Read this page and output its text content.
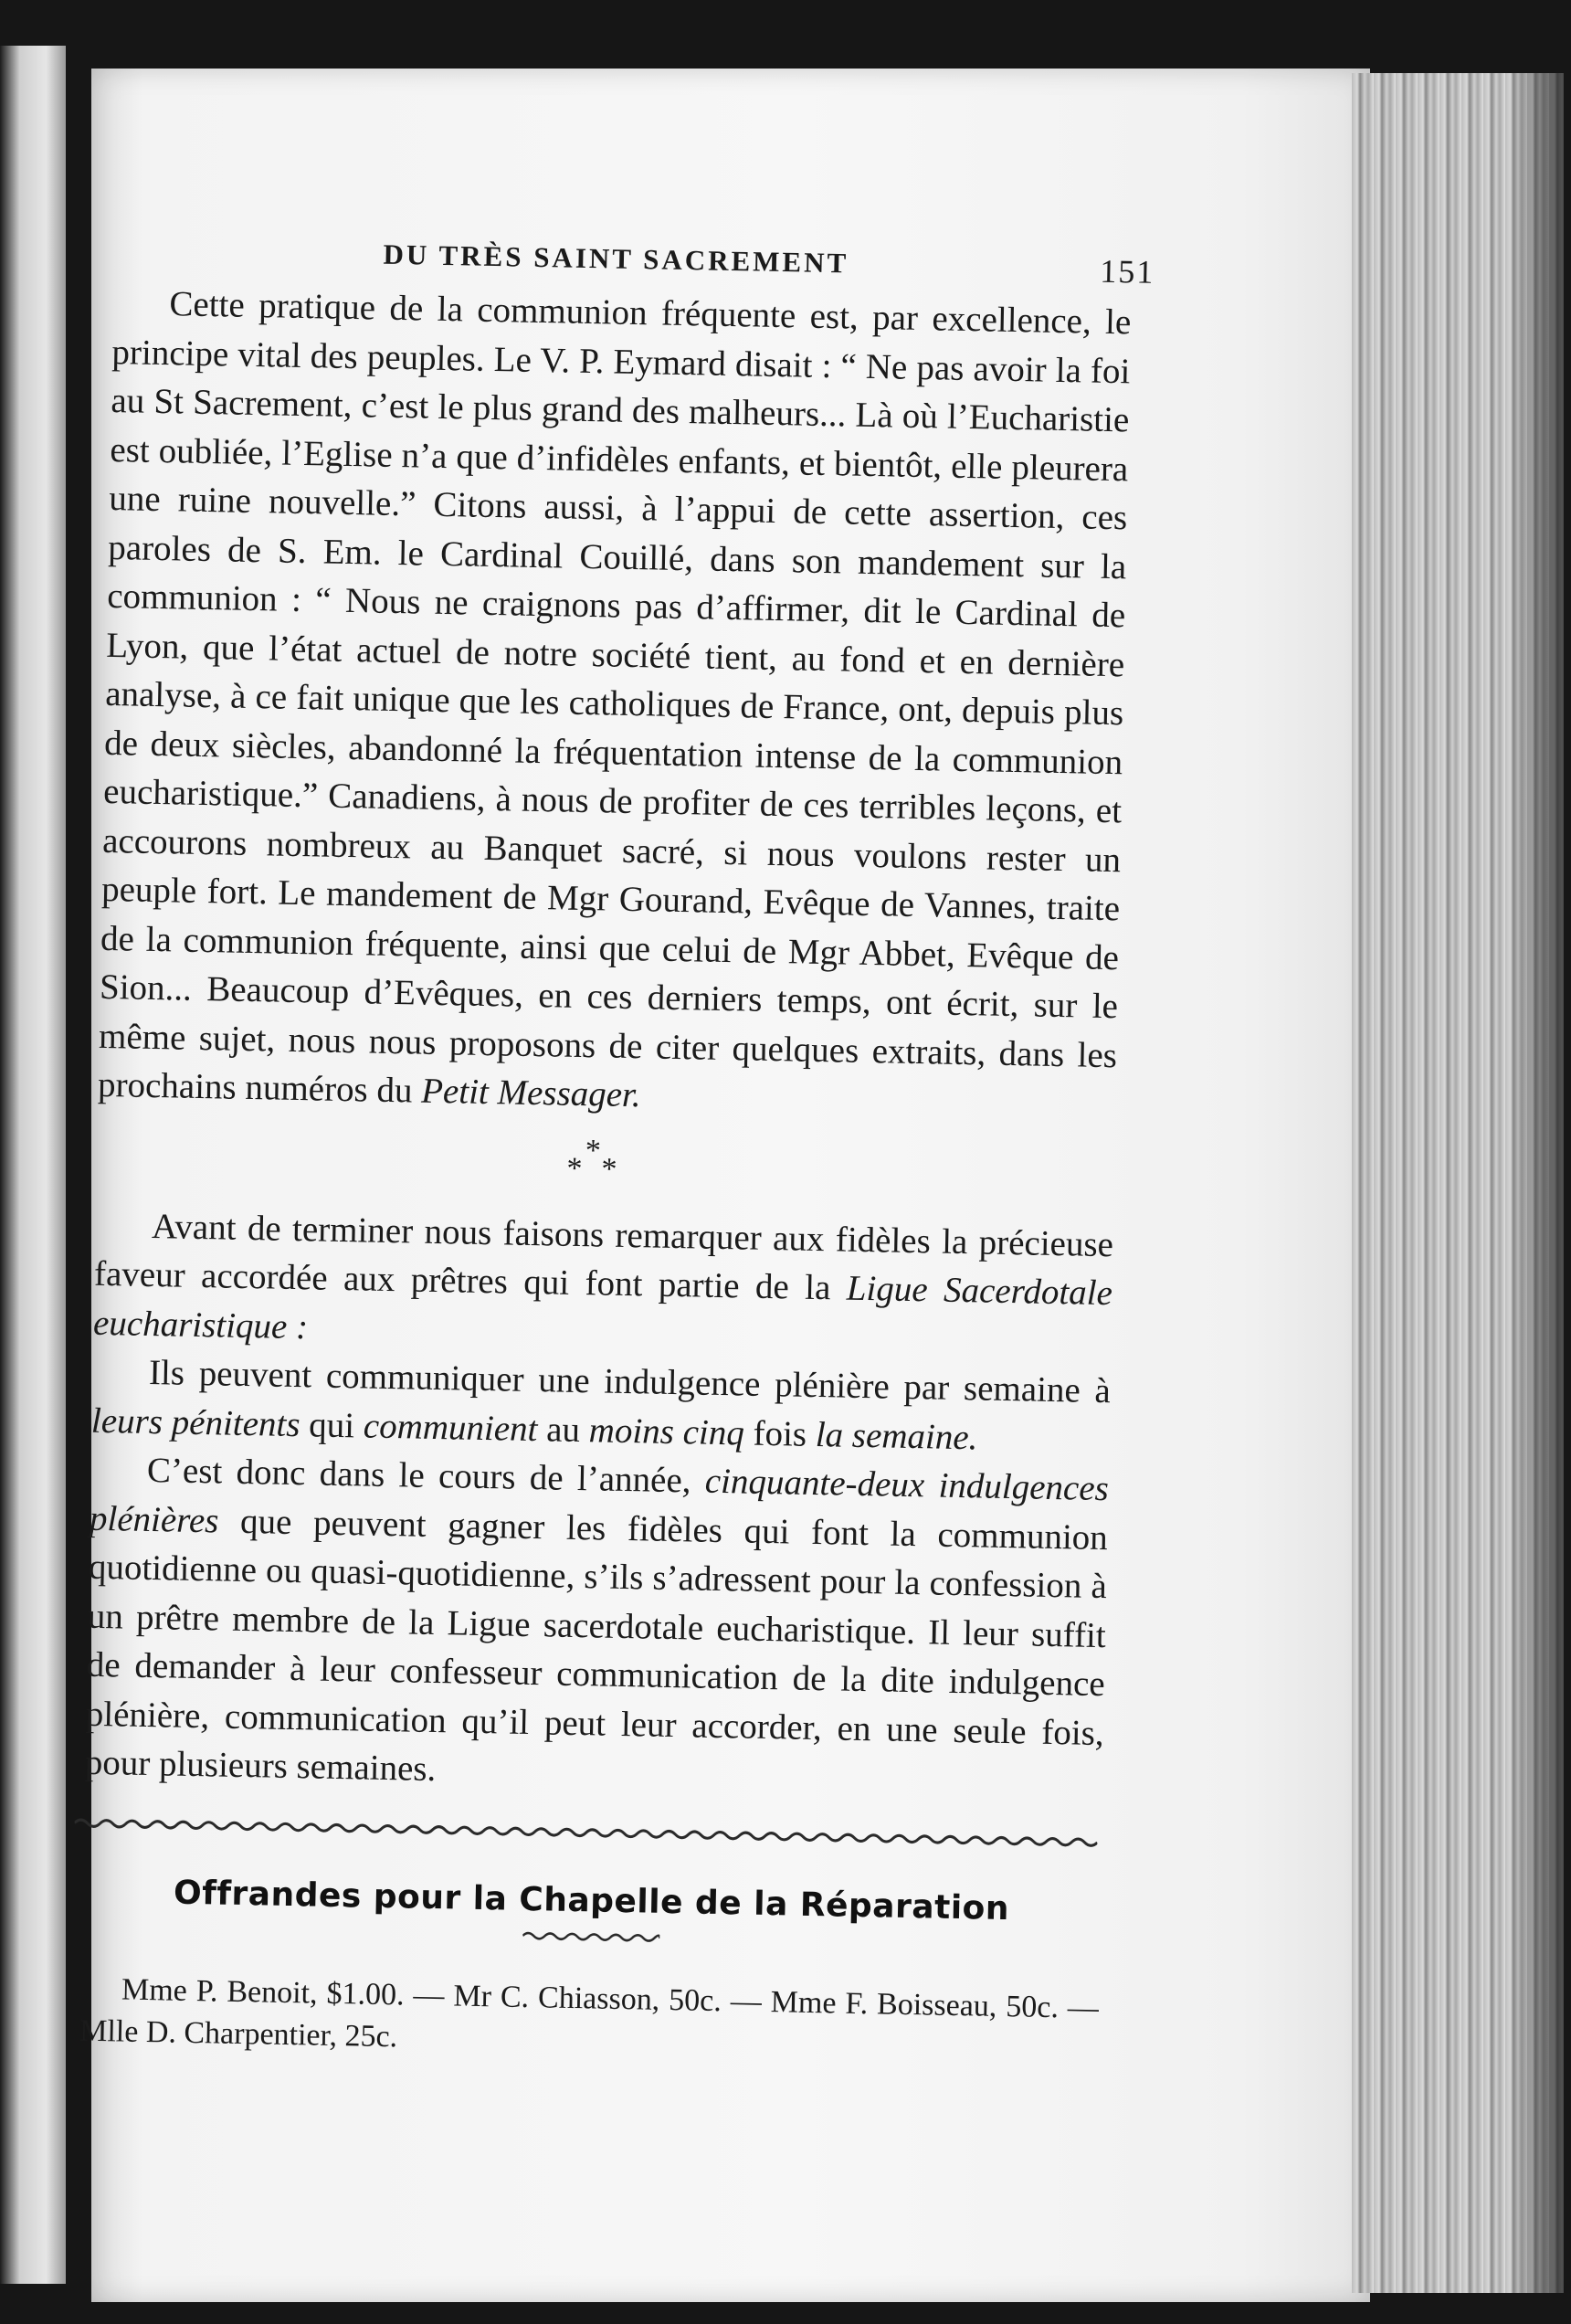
DU TRÈS SAINT SACREMENT	151

Cette pratique de la communion fréquente est, par excellence, le principe vital des peuples. Le V. P. Eymard disait : “ Ne pas avoir la foi au St Sacrement, c’est le plus grand des malheurs... Là où l’Eucharistie est oubliée, l’Eglise n’a que d’infidèles enfants, et bientôt, elle pleurera une ruine nouvelle.” Citons aussi, à l’appui de cette assertion, ces paroles de S. Em. le Cardinal Couillé, dans son mandement sur la communion : “ Nous ne craignons pas d’affirmer, dit le Cardinal de Lyon, que l’état actuel de notre société tient, au fond et en dernière analyse, à ce fait unique que les catholiques de France, ont, depuis plus de deux siècles, abandonné la fréquentation intense de la communion eucharistique.” Canadiens, à nous de profiter de ces terribles leçons, et accourons nombreux au Banquet sacré, si nous voulons rester un peuple fort. Le mandement de Mgr Gourand, Evêque de Vannes, traite de la communion fréquente, ainsi que celui de Mgr Abbet, Evêque de Sion... Beaucoup d’Evêques, en ces derniers temps, ont écrit, sur le même sujet, nous nous proposons de citer quelques extraits, dans les prochains numéros du Petit Messager.

*
* *

Avant de terminer nous faisons remarquer aux fidèles la précieuse faveur accordée aux prêtres qui font partie de la Ligue Sacerdotale eucharistique :

Ils peuvent communiquer une indulgence plénière par semaine à leurs pénitents qui communient au moins cinq fois la semaine.

C’est donc dans le cours de l’année, cinquante-deux indulgences plénières que peuvent gagner les fidèles qui font la communion quotidienne ou quasi-quotidienne, s’ils s’adressent pour la confession à un prêtre membre de la Ligue sacerdotale eucharistique. Il leur suffit de demander à leur confesseur communication de la dite indulgence plénière, communication qu’il peut leur accorder, en une seule fois, pour plusieurs semaines.

Offrandes pour la Chapelle de la Réparation

Mme P. Benoit, $1.00. — Mr C. Chiasson, 50c. — Mme F. Boisseau, 50c. — Mlle D. Charpentier, 25c.
